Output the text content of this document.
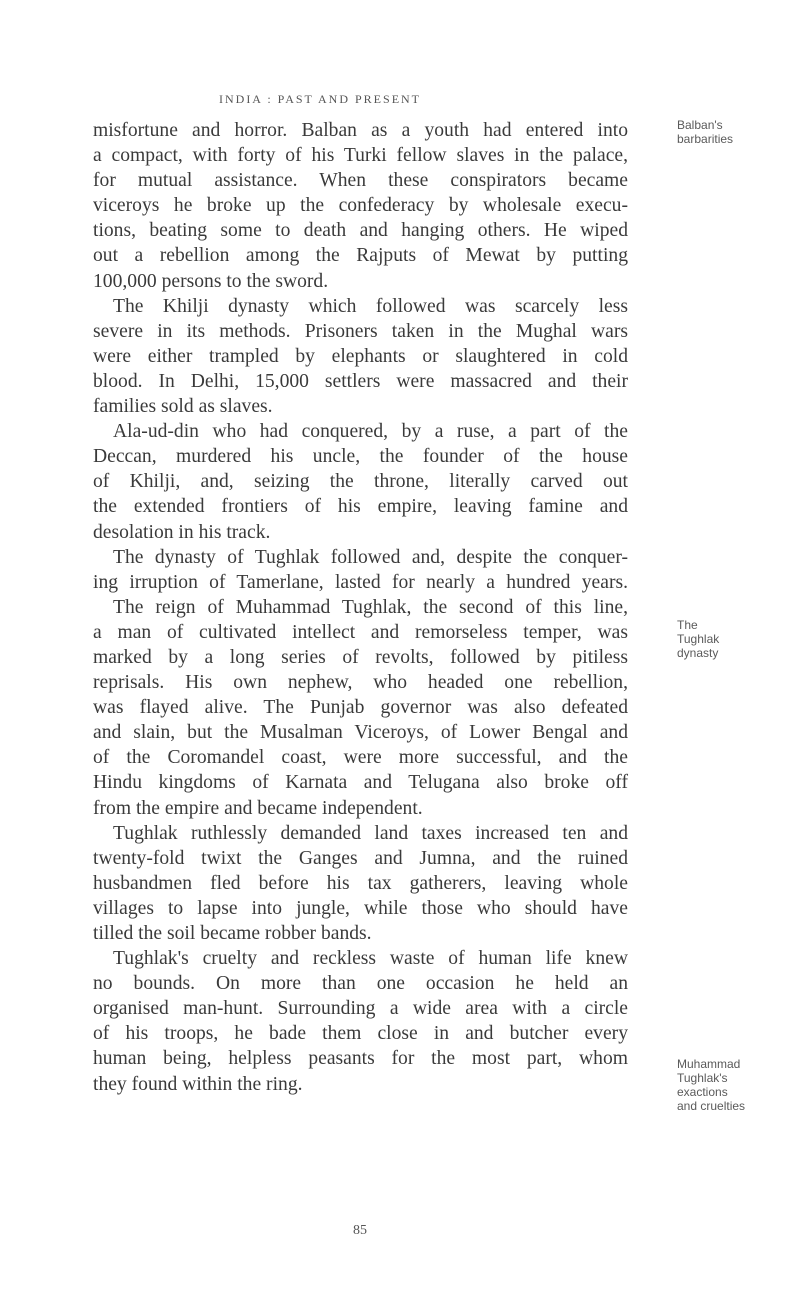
INDIA : PAST AND PRESENT
misfortune and horror. Balban as a youth had entered into
a compact, with forty of his Turki fellow slaves in the palace,
for mutual assistance. When these conspirators became
viceroys he broke up the confederacy by wholesale execu-
tions, beating some to death and hanging others. He wiped
out a rebellion among the Rajputs of Mewat by putting
100,000 persons to the sword.
The Khilji dynasty which followed was scarcely less
severe in its methods. Prisoners taken in the Mughal wars
were either trampled by elephants or slaughtered in cold
blood. In Delhi, 15,000 settlers were massacred and their
families sold as slaves.
Ala-ud-din who had conquered, by a ruse, a part of the
Deccan, murdered his uncle, the founder of the house
of Khilji, and, seizing the throne, literally carved out
the extended frontiers of his empire, leaving famine and
desolation in his track.
The dynasty of Tughlak followed and, despite the conquer-
ing irruption of Tamerlane, lasted for nearly a hundred years.
The reign of Muhammad Tughlak, the second of this line,
a man of cultivated intellect and remorseless temper, was
marked by a long series of revolts, followed by pitiless
reprisals. His own nephew, who headed one rebellion,
was flayed alive. The Punjab governor was also defeated
and slain, but the Musalman Viceroys, of Lower Bengal and
of the Coromandel coast, were more successful, and the
Hindu kingdoms of Karnata and Telugana also broke off
from the empire and became independent.
Tughlak ruthlessly demanded land taxes increased ten and
twenty-fold twixt the Ganges and Jumna, and the ruined
husbandmen fled before his tax gatherers, leaving whole
villages to lapse into jungle, while those who should have
tilled the soil became robber bands.
Tughlak's cruelty and reckless waste of human life knew
no bounds. On more than one occasion he held an
organised man-hunt. Surrounding a wide area with a circle
of his troops, he bade them close in and butcher every
human being, helpless peasants for the most part, whom
they found within the ring.
Balban's
barbarities
The
Tughlak
dynasty
Muhammad
Tughlak's
exactions
and cruelties
85
